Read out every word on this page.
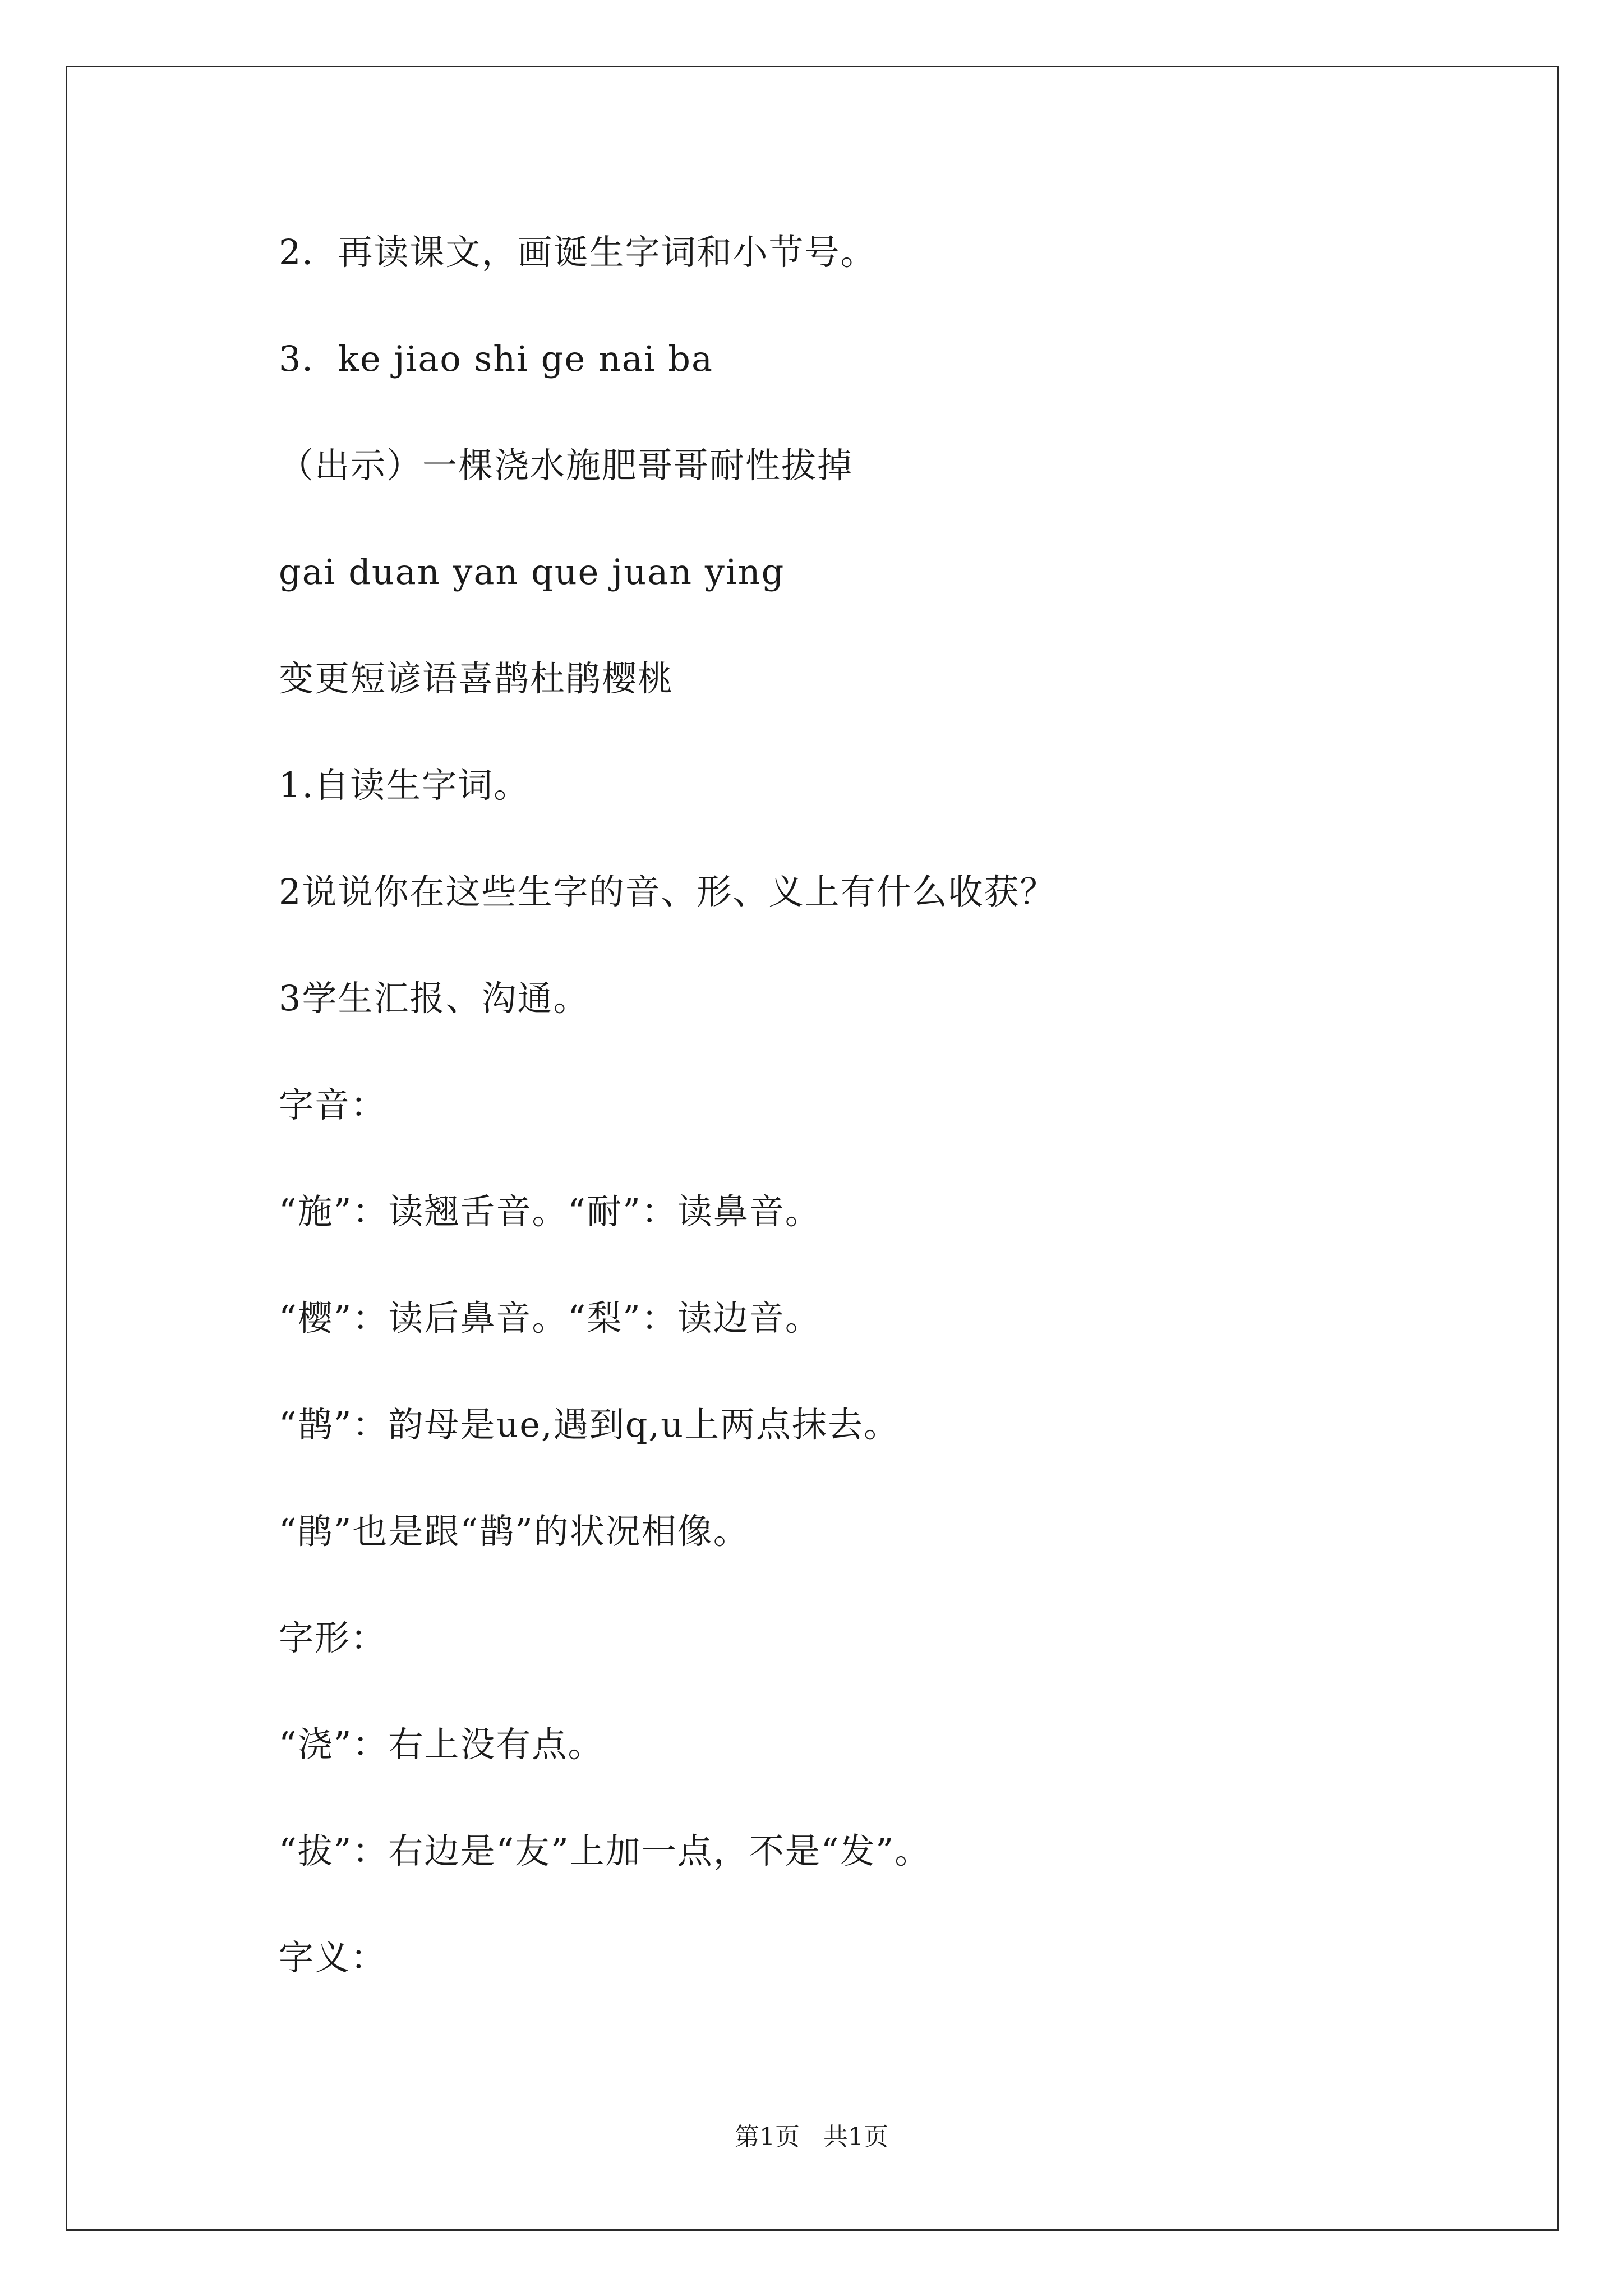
2．再读课文，画诞生字词和小节号。
3．ke jiao shi ge nai ba
（出示）一棵浇水施肥哥哥耐性拔掉
gai duan yan que juan ying
变更短谚语喜鹊杜鹃樱桃
1.自读生字词。
2说说你在这些生字的音、形、义上有什么收获？
3学生汇报、沟通。
字音：
“施”：读翘舌音。“耐”：读鼻音。
“樱”：读后鼻音。“梨”：读边音。
“鹊”：韵母是ue,遇到q,u上两点抹去。
“鹃”也是跟“鹊”的状况相像。
字形：
“浇”：右上没有点。
“拔”：右边是“友”上加一点，不是“发”。
字义：
第1页 共1页
